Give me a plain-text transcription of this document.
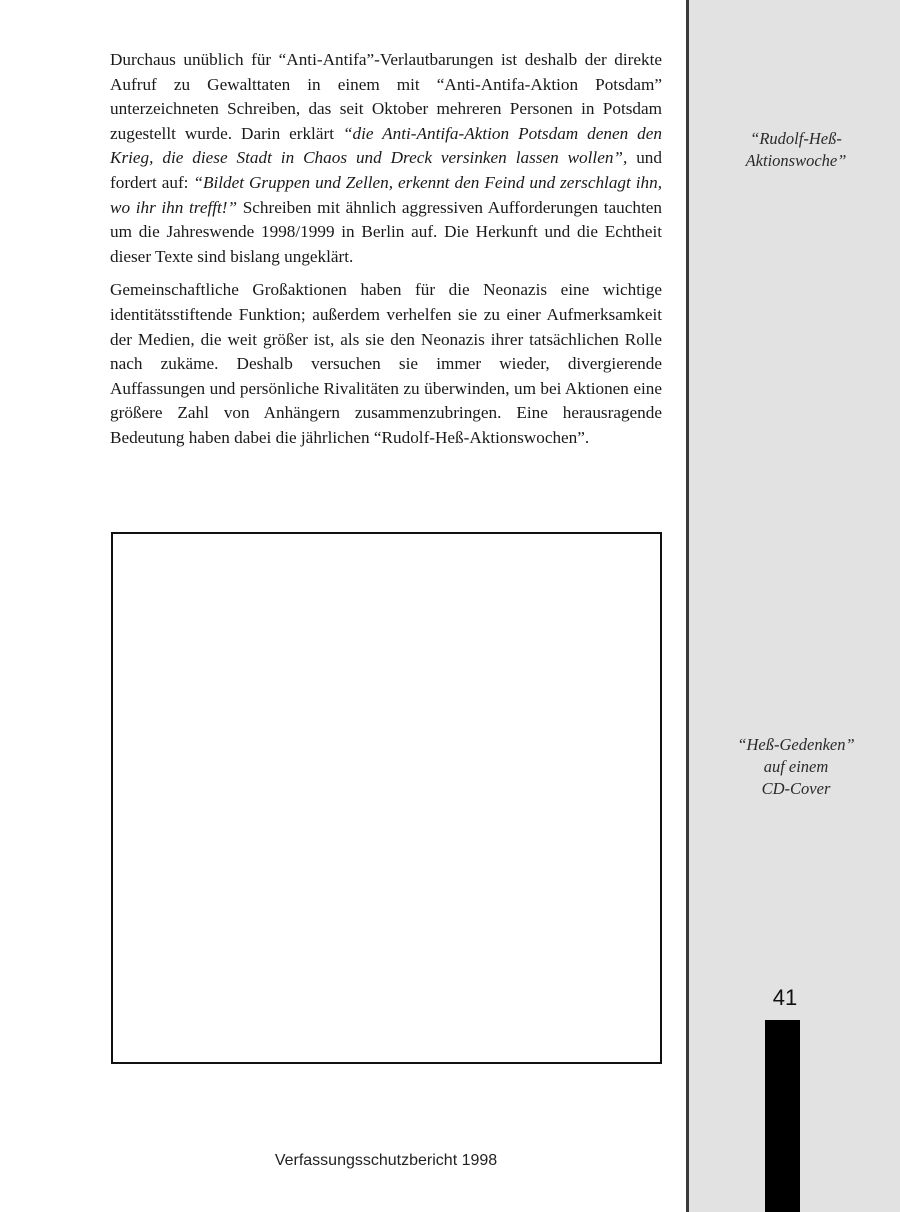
Durchaus unüblich für “Anti-Antifa”-Verlautbarungen ist deshalb der direkte Aufruf zu Gewalttaten in einem mit “Anti-Antifa-Aktion Potsdam” unterzeichneten Schreiben, das seit Oktober mehreren Personen in Potsdam zugestellt wurde. Darin erklärt “die Anti-Antifa-Aktion Potsdam denen den Krieg, die diese Stadt in Chaos und Dreck versinken lassen wollen”, und fordert auf: “Bildet Gruppen und Zellen, erkennt den Feind und zerschlagt ihn, wo ihr ihn trefft!” Schreiben mit ähnlich aggressiven Aufforderungen tauchten um die Jahreswende 1998/1999 in Berlin auf. Die Herkunft und die Echtheit dieser Texte sind bislang ungeklärt.

Gemeinschaftliche Großaktionen haben für die Neonazis eine wichtige identitätsstiftende Funktion; außerdem verhelfen sie zu einer Aufmerksamkeit der Medien, die weit größer ist, als sie den Neonazis ihrer tatsächlichen Rolle nach zukäme. Deshalb versuchen sie immer wieder, divergierende Auffassungen und persönliche Rivalitäten zu überwinden, um bei Aktionen eine größere Zahl von Anhängern zusammenzubringen. Eine herausragende Bedeutung haben dabei die jährlichen “Rudolf-Heß-Aktionswochen”.

Verfassungsschutzbericht 1998
“Rudolf-Heß-
Aktionswoche”
“Heß-Gedenken”
auf einem
CD-Cover
41
